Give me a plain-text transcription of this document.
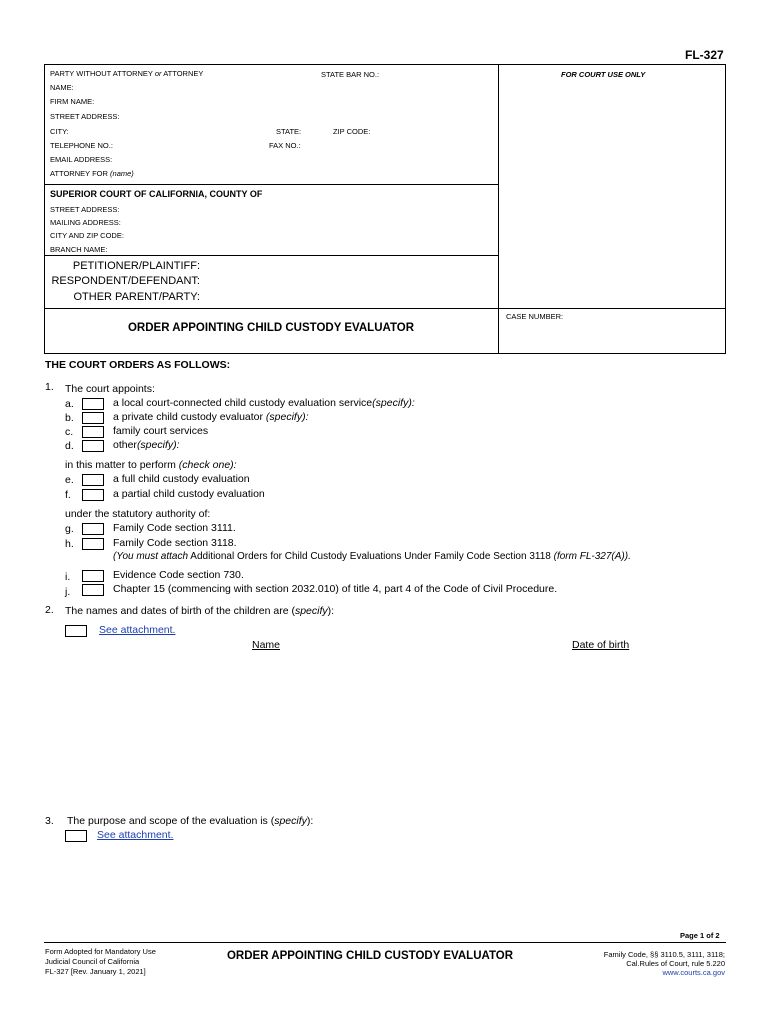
FL-327
PARTY WITHOUT ATTORNEY or ATTORNEY	STATE BAR NO.:	FOR COURT USE ONLY
NAME:
FIRM NAME:
STREET ADDRESS:
CITY:	STATE:	ZIP CODE:
TELEPHONE NO.:	FAX NO.:
EMAIL ADDRESS:
ATTORNEY FOR (name)
SUPERIOR COURT OF CALIFORNIA, COUNTY OF
STREET ADDRESS:
MAILING ADDRESS:
CITY AND ZIP CODE:
BRANCH NAME:
PETITIONER/PLAINTIFF:
RESPONDENT/DEFENDANT:
OTHER PARENT/PARTY:
ORDER APPOINTING CHILD CUSTODY EVALUATOR
CASE NUMBER:
THE COURT ORDERS AS FOLLOWS:
1. The court appoints:
a.	a local court-connected child custody evaluation service(specify):
b.	a private child custody evaluator (specify):
c.	family court services
d.	other(specify):
in this matter to perform (check one):
e.	a full child custody evaluation
f.	a partial child custody evaluation
under the statutory authority of:
g.	Family Code section 3111.
h.	Family Code section 3118.
(You must attach Additional Orders for Child Custody Evaluations Under Family Code Section 3118 (form FL-327(A)).
i.	Evidence Code section 730.
j.	Chapter 15 (commencing with section 2032.010) of title 4, part 4 of the Code of Civil Procedure.
2. The names and dates of birth of the children are (specify):
See attachment.
Name	Date of birth
3. The purpose and scope of the evaluation is (specify):
See attachment.
Page 1 of 2
Form Adopted for Mandatory Use
Judicial Council of California
FL-327 [Rev. January 1, 2021]
ORDER APPOINTING CHILD CUSTODY EVALUATOR	Family Code, §§ 3110.5, 3111, 3118;
Cal.Rules of Court, rule 5.220
www.courts.ca.gov
